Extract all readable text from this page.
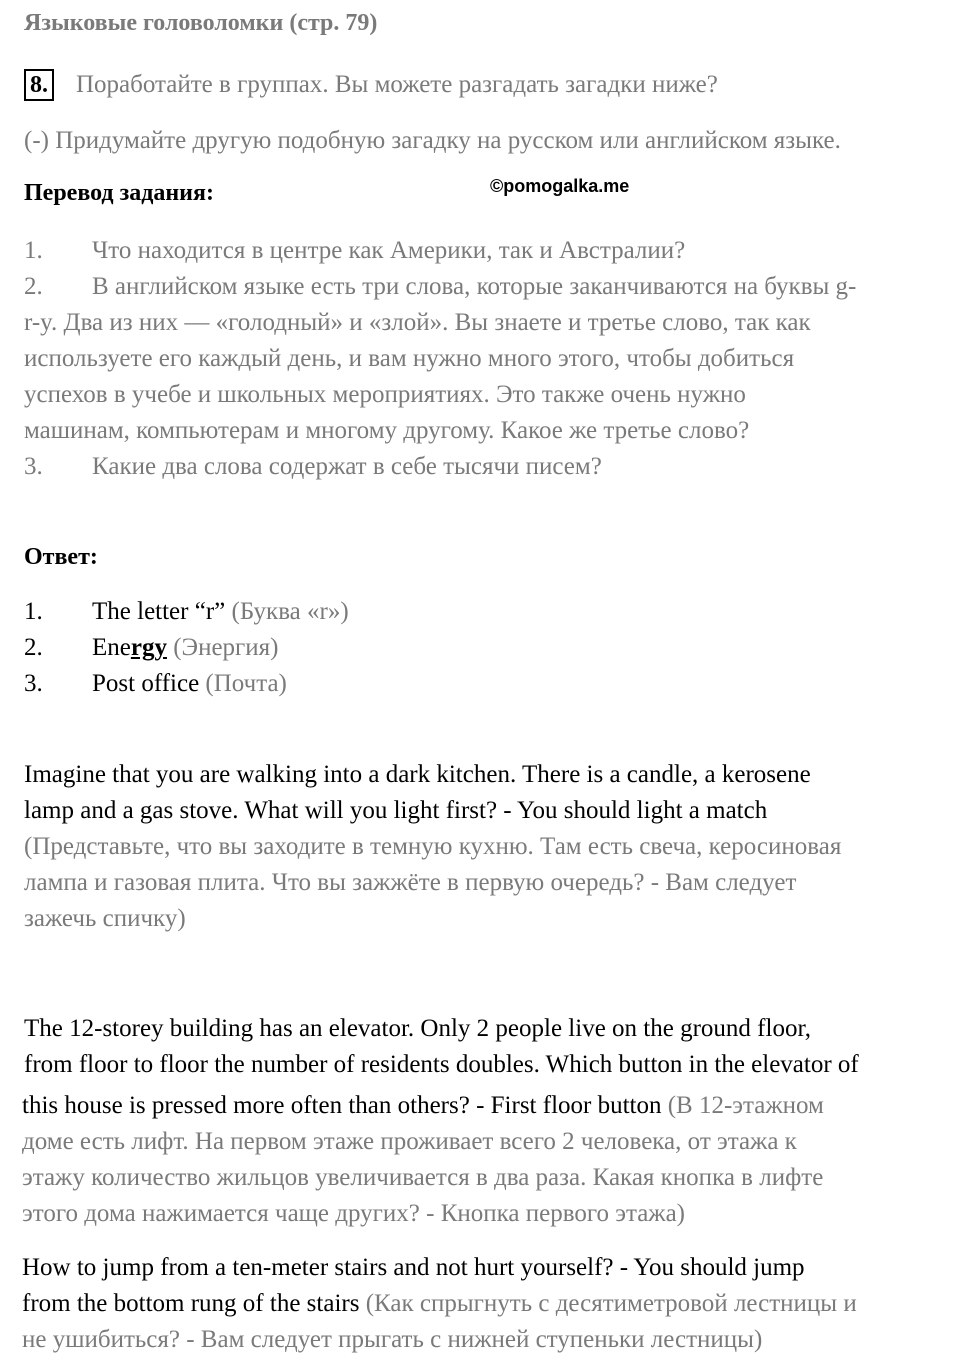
Языковые головоломки (стр. 79)
8. Поработайте в группах. Вы можете разгадать загадки ниже?
(-) Придумайте другую подобную загадку на русском или английском языке.
Перевод задания:	©pomogalka.me
1. Что находится в центре как Америки, так и Австралии?
2. В английском языке есть три слова, которые заканчиваются на буквы g-
r-y. Два из них — «голодный» и «злой». Вы знаете и третье слово, так как
используете его каждый день, и вам нужно много этого, чтобы добиться
успехов в учебе и школьных мероприятиях. Это также очень нужно
машинам, компьютерам и многому другому. Какое же третье слово?
3. Какие два слова содержат в себе тысячи писем?
Ответ:
1. The letter “r” (Буква «r»)
2. Energy (Энергия)
3. Post office (Почта)
Imagine that you are walking into a dark kitchen. There is a candle, a kerosene
lamp and a gas stove. What will you light first? - You should light a match
(Представьте, что вы заходите в темную кухню. Там есть свеча, керосиновая
лампа и газовая плита. Что вы зажжёте в первую очередь? - Вам следует
зажечь спичку)
The 12-storey building has an elevator. Only 2 people live on the ground floor,
from floor to floor the number of residents doubles. Which button in the elevator of
this house is pressed more often than others? - First floor button (В 12-этажном
доме есть лифт. На первом этаже проживает всего 2 человека, от этажа к
этажу количество жильцов увеличивается в два раза. Какая кнопка в лифте
этого дома нажимается чаще других? - Кнопка первого этажа)
How to jump from a ten-meter stairs and not hurt yourself? - You should jump
from the bottom rung of the stairs (Как спрыгнуть с десятиметровой лестницы и
не ушибиться? - Вам следует прыгать с нижней ступеньки лестницы)
